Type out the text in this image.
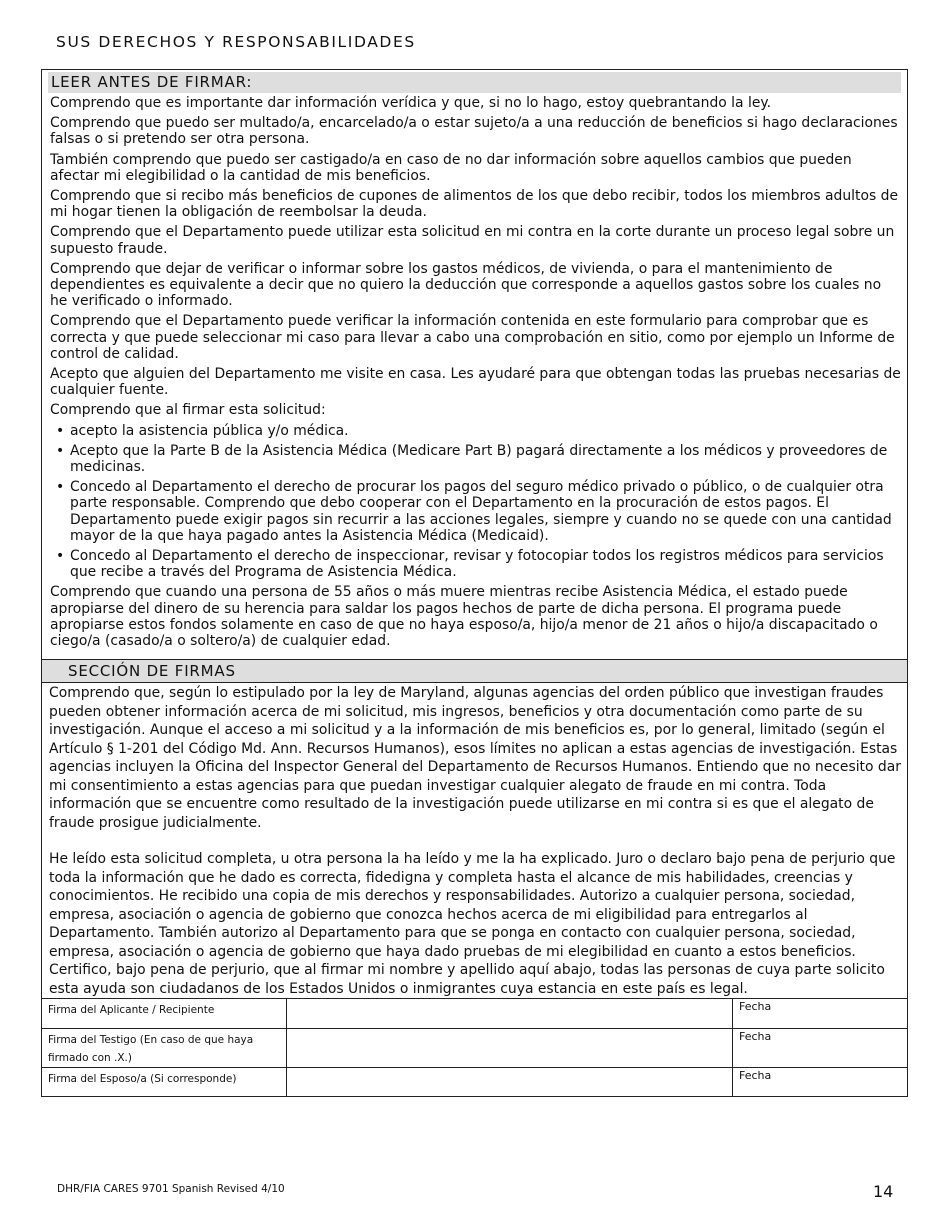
SUS DERECHOS Y RESPONSABILIDADES
LEER ANTES DE FIRMAR:

Comprendo que es importante dar información verídica y que, si no lo hago, estoy quebrantando la ley.

Comprendo que puedo ser multado/a, encarcelado/a o estar sujeto/a a una reducción de beneficios si hago declaraciones falsas o si pretendo ser otra persona.

También comprendo que puedo ser castigado/a en caso de no dar información sobre aquellos cambios que pueden afectar mi elegibilidad o la cantidad de mis beneficios.

Comprendo que si recibo más beneficios de cupones de alimentos de los que debo recibir, todos los miembros adultos de mi hogar tienen la obligación de reembolsar la deuda.

Comprendo que el Departamento puede utilizar esta solicitud en mi contra en la corte durante un proceso legal sobre un supuesto fraude.

Comprendo que dejar de verificar o informar sobre los gastos médicos, de vivienda, o para el mantenimiento de dependientes es equivalente a decir que no quiero la deducción que corresponde a aquellos gastos sobre los cuales no he verificado o informado.

Comprendo que el Departamento puede verificar la información contenida en este formulario para comprobar que es correcta y que puede seleccionar mi caso para llevar a cabo una comprobación en sitio, como por ejemplo un Informe de control de calidad.

Acepto que alguien del Departamento me visite en casa. Les ayudaré para que obtengan todas las pruebas necesarias de cualquier fuente.

Comprendo que al firmar esta solicitud:

• acepto la asistencia pública y/o médica.
• Acepto que la Parte B de la Asistencia Médica (Medicare Part B) pagará directamente a los médicos y proveedores de medicinas.
• Concedo al Departamento el derecho de procurar los pagos del seguro médico privado o público, o de cualquier otra parte responsable. Comprendo que debo cooperar con el Departamento en la procuración de estos pagos. El Departamento puede exigir pagos sin recurrir a las acciones legales, siempre y cuando no se quede con una cantidad mayor de la que haya pagado antes la Asistencia Médica (Medicaid).
• Concedo al Departamento el derecho de inspeccionar, revisar y fotocopiar todos los registros médicos para servicios que recibe a través del Programa de Asistencia Médica.

Comprendo que cuando una persona de 55 años o más muere mientras recibe Asistencia Médica, el estado puede apropiarse del dinero de su herencia para saldar los pagos hechos de parte de dicha persona. El programa puede apropiarse estos fondos solamente en caso de que no haya esposo/a, hijo/a menor de 21 años o hijo/a discapacitado o ciego/a (casado/a o soltero/a) de cualquier edad.

SECCIÓN DE FIRMAS

Comprendo que, según lo estipulado por la ley de Maryland, algunas agencias del orden público que investigan fraudes pueden obtener información acerca de mi solicitud, mis ingresos, beneficios y otra documentación como parte de su investigación. Aunque el acceso a mi solicitud y a la información de mis beneficios es, por lo general, limitado (según el Artículo § 1-201 del Código Md. Ann. Recursos Humanos), esos límites no aplican a estas agencias de investigación. Estas agencias incluyen la Oficina del Inspector General del Departamento de Recursos Humanos. Entiendo que no necesito dar mi consentimiento a estas agencias para que puedan investigar cualquier alegato de fraude en mi contra. Toda información que se encuentre como resultado de la investigación puede utilizarse en mi contra si es que el alegato de fraude prosigue judicialmente.

He leído esta solicitud completa, u otra persona la ha leído y me la ha explicado. Juro o declaro bajo pena de perjurio que toda la información que he dado es correcta, fidedigna y completa hasta el alcance de mis habilidades, creencias y conocimientos. He recibido una copia de mis derechos y responsabilidades. Autorizo a cualquier persona, sociedad, empresa, asociación o agencia de gobierno que conozca hechos acerca de mi eligibilidad para entregarlos al Departamento. También autorizo al Departamento para que se ponga en contacto con cualquier persona, sociedad, empresa, asociación o agencia de gobierno que haya dado pruebas de mi elegibilidad en cuanto a estos beneficios. Certifico, bajo pena de perjurio, que al firmar mi nombre y apellido aquí abajo, todas las personas de cuya parte solicito esta ayuda son ciudadanos de los Estados Unidos o inmigrantes cuya estancia en este país es legal.

Firma del Aplicante / Recipiente		Fecha
Firma del Testigo (En caso de que haya firmado con .X.)		Fecha
Firma del Esposo/a (Si corresponde)		Fecha
DHR/FIA CARES 9701 Spanish Revised 4/10	14
